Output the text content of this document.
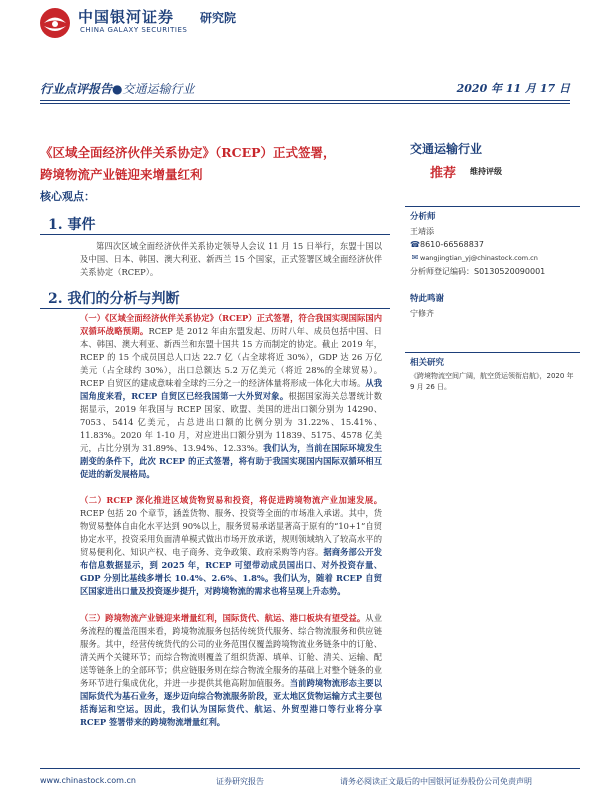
中国银河证券 研究院
CHINA GALAXY SECURITIES
行业点评报告●交通运输行业	2020 年 11 月 17 日
《区域全面经济伙伴关系协定》（RCEP）正式签署，
跨境物流产业链迎来增量红利
核心观点：
1. 事件
第四次区域全面经济伙伴关系协定领导人会议 11 月 15 日举行，东盟十国以及中国、日本、韩国、澳大利亚、新西兰 15 个国家，正式签署区域全面经济伙伴关系协定（RCEP）。
2. 我们的分析与判断
（一）《区域全面经济伙伴关系协定》（RCEP）正式签署，符合我国实现国际国内双循环战略预期。RCEP 是 2012 年由东盟发起、历时八年、成员包括中国、日本、韩国、澳大利亚、新西兰和东盟十国共 15 方而制定的协定。截止 2019 年，RCEP 的 15 个成员国总人口达 22.7 亿（占全球将近 30%），GDP 达 26 万亿美元（占全球约 30%），出口总额达 5.2 万亿美元（将近 28%的全球贸易）。RCEP 自贸区的建成意味着全球约三分之一的经济体量将形成一体化大市场。从我国角度来看，RCEP 自贸区已经我国第一大外贸对象。根据国家海关总署统计数据显示，2019 年我国与 RCEP 国家、欧盟、美国的进出口额分别为 14290、7053、5414 亿美元，占总进出口额的比例分别为 31.22%、15.41%、11.83%。2020 年 1-10 月，对应进出口额分别为 11839、5175、4578 亿美元，占比分别为 31.89%、13.94%、12.33%。我们认为，当前在国际环境发生剧变的条件下，此次 RCEP 的正式签署，将有助于我国实现国内国际双循环相互促进的新发展格局。
（二）RCEP 深化推进区域货物贸易和投资，将促进跨境物流产业加速发展。RCEP 包括 20 个章节，涵盖货物、服务、投资等全面的市场准入承诺。其中，货物贸易整体自由化水平达到 90%以上，服务贸易承诺显著高于原有的“10+1”自贸协定水平，投资采用负面清单模式做出市场开放承诺，规则领域纳入了较高水平的贸易便利化、知识产权、电子商务、竞争政策、政府采购等内容。据商务部公开发布信息数据显示，到 2025 年，RCEP 可望带动成员国出口、对外投资存量、GDP 分别比基线多增长 10.4%、2.6%、1.8%。我们认为，随着 RCEP 自贸区国家进出口量及投资逐步提升，对跨境物流的需求也将呈现上升态势。
（三）跨境物流产业链迎来增量红利，国际货代、航运、港口板块有望受益。从业务流程的覆盖范围来看，跨境物流服务包括传统货代服务、综合物流服务和供应链服务。其中，经营传统货代的公司的业务范围仅覆盖跨境物流业务链条中的订舱、清关两个关键环节；而综合物流则覆盖了组织货源、填单、订舱、清关、运输、配送等链条上的全部环节；供应链服务则在综合物流全服务的基础上对整个链条的业务环节进行集成优化，并进一步提供其他高附加值服务。当前跨境物流形态主要以国际货代为基石业务，逐步迈向综合物流服务阶段，亚太地区货物运输方式主要包括海运和空运。因此，我们认为国际货代、航运、外贸型港口等行业将分享 RCEP 签署带来的跨境物流增量红利。
交通运输行业
推荐	维持评级
分析师
王靖添
☎8610-66568837
✉ wangjingtian_yj@chinastock.com.cn
分析师登记编码：S0130520090001
特此鸣谢
宁修齐
相关研究
《跨境物流空间广阔，航空货运领衔启航》，2020 年 9 月 26 日。
www.chinastock.com.cn	证券研究报告	请务必阅读正文最后的中国银河证券股份公司免责声明
